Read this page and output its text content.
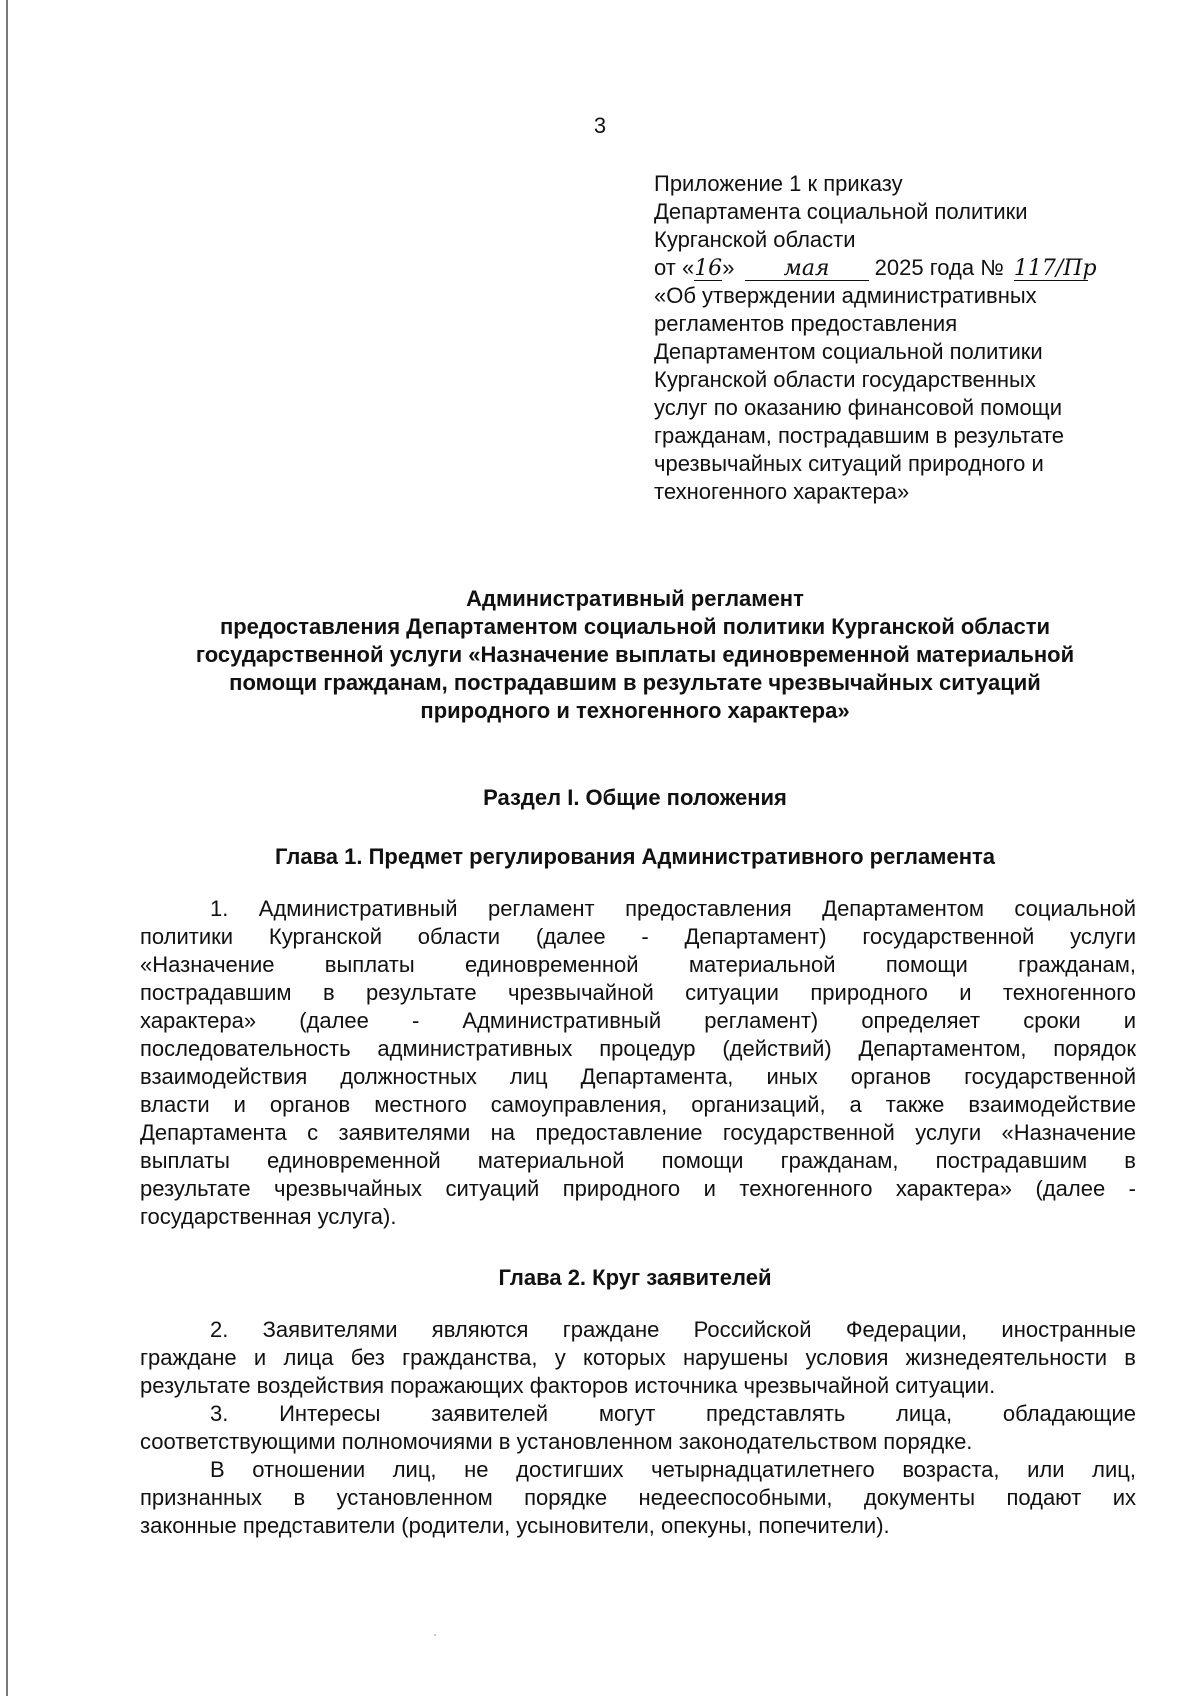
3
Приложение 1 к приказу
Департамента социальной политики
Курганской области
от «16» мая 2025 года № 117/Пр
«Об утверждении административных
регламентов предоставления
Департаментом социальной политики
Курганской области государственных
услуг по оказанию финансовой помощи
гражданам, пострадавшим в результате
чрезвычайных ситуаций природного и
техногенного характера»
Административный регламент
предоставления Департаментом социальной политики Курганской области
государственной услуги «Назначение выплаты единовременной материальной
помощи гражданам, пострадавшим в результате чрезвычайных ситуаций
природного и техногенного характера»
Раздел I. Общие положения
Глава 1. Предмет регулирования Административного регламента
1. Административный регламент предоставления Департаментом социальной
политики Курганской области (далее - Департамент) государственной услуги
«Назначение выплаты единовременной материальной помощи гражданам,
пострадавшим в результате чрезвычайной ситуации природного и техногенного
характера» (далее - Административный регламент) определяет сроки и
последовательность административных процедур (действий) Департаментом, порядок
взаимодействия должностных лиц Департамента, иных органов государственной
власти и органов местного самоуправления, организаций, а также взаимодействие
Департамента с заявителями на предоставление государственной услуги «Назначение
выплаты единовременной материальной помощи гражданам, пострадавшим в
результате чрезвычайных ситуаций природного и техногенного характера» (далее -
государственная услуга).
Глава 2. Круг заявителей
2. Заявителями являются граждане Российской Федерации, иностранные
граждане и лица без гражданства, у которых нарушены условия жизнедеятельности в
результате воздействия поражающих факторов источника чрезвычайной ситуации.
3. Интересы заявителей могут представлять лица, обладающие
соответствующими полномочиями в установленном законодательством порядке.
В отношении лиц, не достигших четырнадцатилетнего возраста, или лиц,
признанных в установленном порядке недееспособными, документы подают их
законные представители (родители, усыновители, опекуны, попечители).
